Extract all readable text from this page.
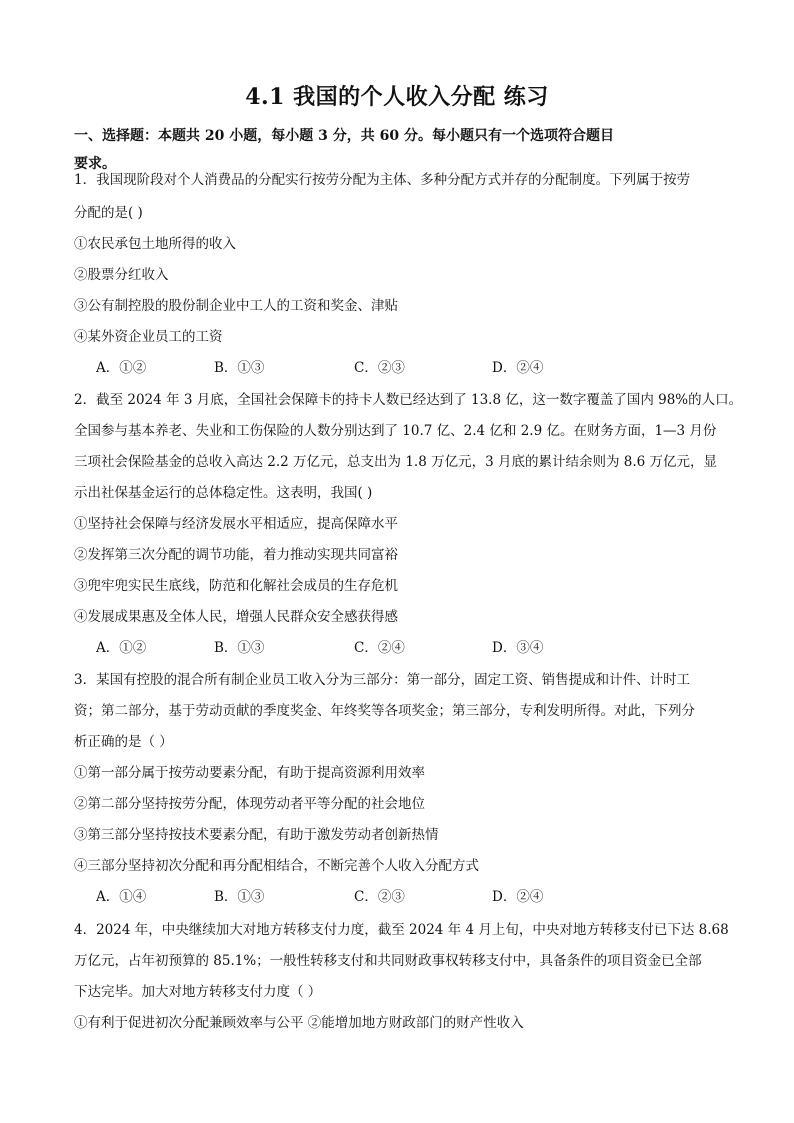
4.1 我国的个人收入分配 练习
一、选择题：本题共 20 小题，每小题 3 分，共 60 分。每小题只有一个选项符合题目
要求。
1．我国现阶段对个人消费品的分配实行按劳分配为主体、多种分配方式并存的分配制度。下列属于按劳
分配的是( )
①农民承包土地所得的收入
②股票分红收入
③公有制控股的股份制企业中工人的工资和奖金、津贴
④某外资企业员工的工资
A．①②	B．①③	C．②③	D．②④
2．截至 2024 年 3 月底，全国社会保障卡的持卡人数已经达到了 13.8 亿，这一数字覆盖了国内 98%的人口。
全国参与基本养老、失业和工伤保险的人数分别达到了 10.7 亿、2.4 亿和 2.9 亿。在财务方面，1—3 月份
三项社会保险基金的总收入高达 2.2 万亿元，总支出为 1.8 万亿元，3 月底的累计结余则为 8.6 万亿元，显
示出社保基金运行的总体稳定性。这表明，我国( )
①坚持社会保障与经济发展水平相适应，提高保障水平
②发挥第三次分配的调节功能，着力推动实现共同富裕
③兜牢兜实民生底线，防范和化解社会成员的生存危机
④发展成果惠及全体人民，增强人民群众安全感获得感
A．①②	B．①③	C．②④	D．③④
3．某国有控股的混合所有制企业员工收入分为三部分：第一部分，固定工资、销售提成和计件、计时工
资；第二部分，基于劳动贡献的季度奖金、年终奖等各项奖金；第三部分，专利发明所得。对此，下列分
析正确的是（ ）
①第一部分属于按劳动要素分配，有助于提高资源利用效率
②第二部分坚持按劳分配，体现劳动者平等分配的社会地位
③第三部分坚持按技术要素分配，有助于激发劳动者创新热情
④三部分坚持初次分配和再分配相结合，不断完善个人收入分配方式
A．①④	B．①③	C．②③	D．②④
4．2024 年，中央继续加大对地方转移支付力度，截至 2024 年 4 月上旬，中央对地方转移支付已下达 8.68
万亿元，占年初预算的 85.1%；一般性转移支付和共同财政事权转移支付中，具备条件的项目资金已全部
下达完毕。加大对地方转移支付力度（ ）
①有利于促进初次分配兼顾效率与公平 ②能增加地方财政部门的财产性收入
